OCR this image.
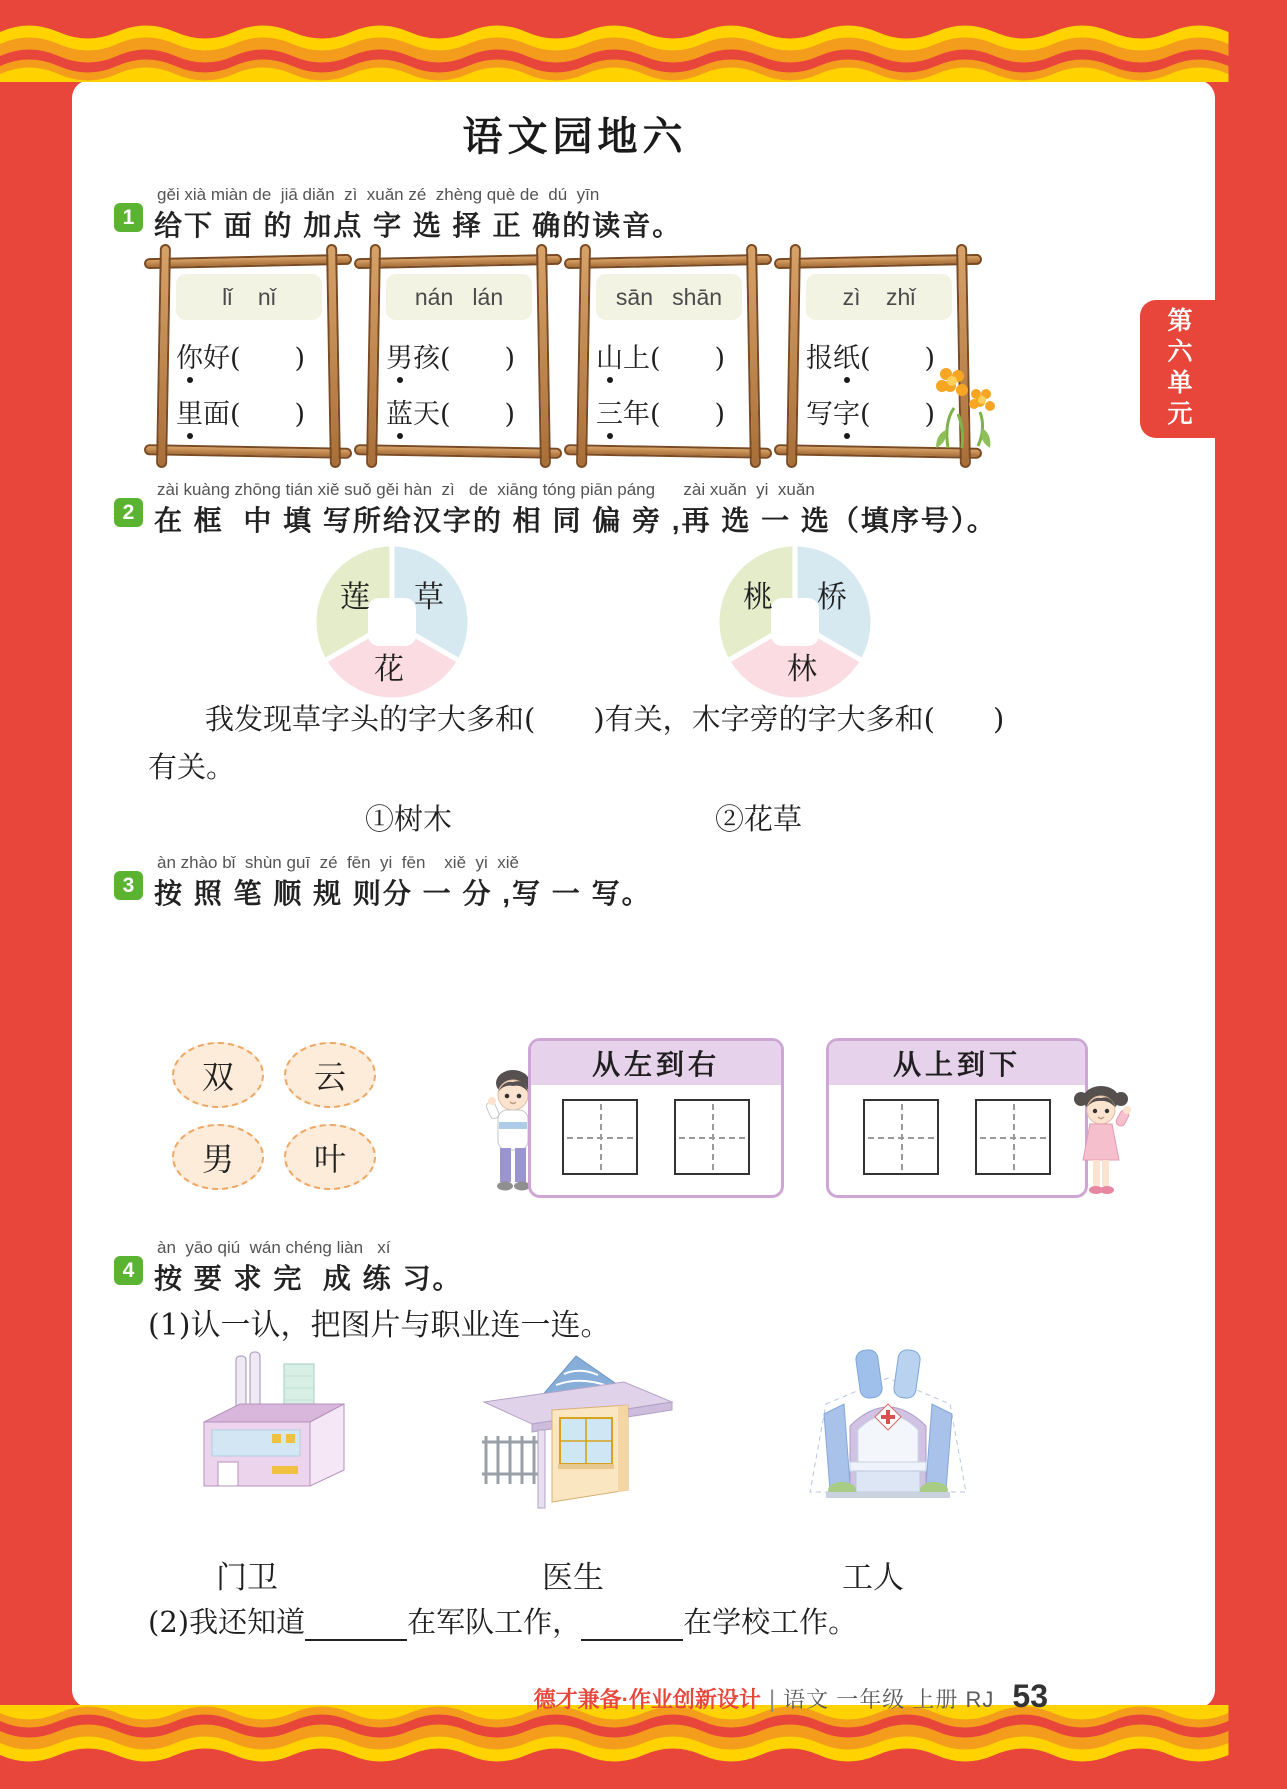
第六单元
语文园地六
gěi xià miàn de  jiā diǎn  zì  xuǎn zé  zhèng què de  dú  yīn
1 给下 面 的 加点 字 选 择 正 确的读音。
lǐ    nǐ
你好(　　)
里面(　　)
nán   lán
男孩(　　)
蓝天(　　)
sān   shān
山上(　　)
三年(　　)
zì    zhǐ
报纸(　　)
写字(　　)
zài kuàng zhōng tián xiě suǒ gěi hàn  zì   de  xiāng tóng piān páng      zài xuǎn  yi  xuǎn
2 在 框  中 填 写所给汉字的 相 同 偏 旁 ,再 选 一 选（填序号）。
莲 草
花
桃 桥
林
我发现草字头的字大多和(　　)有关，木字旁的字大多和(　　)
有关。
①树木	②花草
àn zhào bǐ  shùn guī  zé  fēn  yi  fēn    xiě  yi  xiě
3 按 照 笔 顺 规 则分 一 分 ,写 一 写。
双	云
男	叶
从左到右	从上到下
àn  yāo qiú  wán chéng liàn   xí
4 按 要 求 完  成 练 习。
(1)认一认，把图片与职业连一连。
门卫	医生	工人
(2)我还知道	在军队工作，	在学校工作。
德才兼备·作业创新设计 | 语文 一年级 上册 RJ 53
